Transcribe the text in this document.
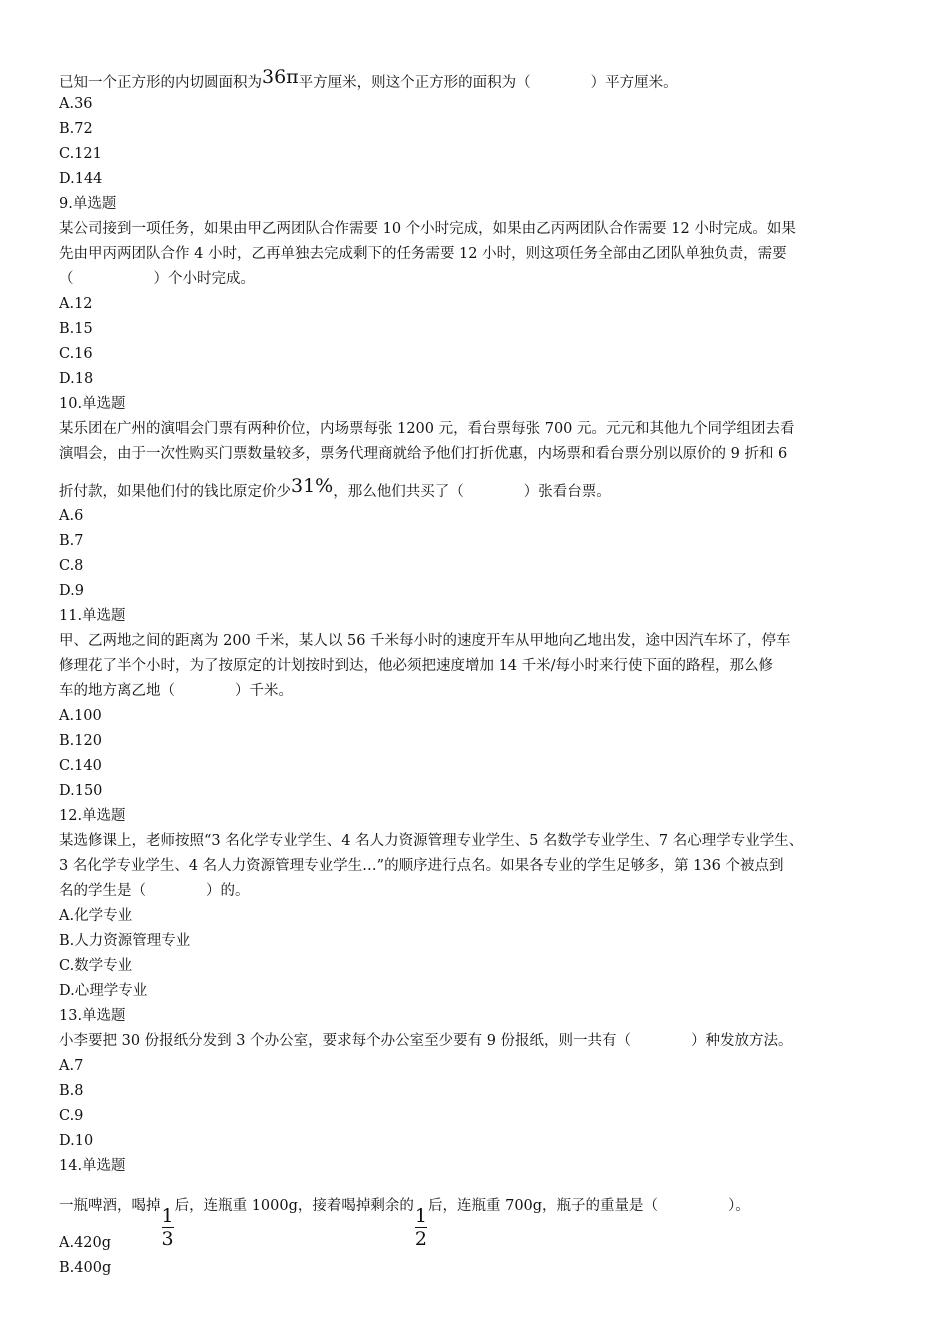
已知一个正方形的内切圆面积为36π平方厘米，则这个正方形的面积为（	）平方厘米。
A.36
B.72
C.121
D.144
9.单选题
某公司接到一项任务，如果由甲乙两团队合作需要 10 个小时完成，如果由乙丙两团队合作需要 12 小时完成。如果
先由甲丙两团队合作 4 小时，乙再单独去完成剩下的任务需要 12 小时，则这项任务全部由乙团队单独负责，需要
（	）个小时完成。
A.12
B.15
C.16
D.18
10.单选题
某乐团在广州的演唱会门票有两种价位，内场票每张 1200 元，看台票每张 700 元。元元和其他九个同学组团去看
演唱会，由于一次性购买门票数量较多，票务代理商就给予他们打折优惠，内场票和看台票分别以原价的 9 折和 6
折付款，如果他们付的钱比原定价少31%，那么他们共买了（	）张看台票。
A.6
B.7
C.8
D.9
11.单选题
甲、乙两地之间的距离为 200 千米，某人以 56 千米每小时的速度开车从甲地向乙地出发，途中因汽车坏了，停车
修理花了半个小时，为了按原定的计划按时到达，他必须把速度增加 14 千米/每小时来行使下面的路程，那么修
车的地方离乙地（	）千米。
A.100
B.120
C.140
D.150
12.单选题
某选修课上，老师按照“3 名化学专业学生、4 名人力资源管理专业学生、5 名数学专业学生、7 名心理学专业学生、
3 名化学专业学生、4 名人力资源管理专业学生…”的顺序进行点名。如果各专业的学生足够多，第 136 个被点到
名的学生是（	）的。
A.化学专业
B.人力资源管理专业
C.数学专业
D.心理学专业
13.单选题
小李要把 30 份报纸分发到 3 个办公室，要求每个办公室至少要有 9 份报纸，则一共有（	）种发放方法。
A.7
B.8
C.9
D.10
14.单选题
一瓶啤酒，喝掉 $\frac{1}{3}$ 后，连瓶重 1000g，接着喝掉剩余的 $\frac{1}{2}$ 后，连瓶重 700g，瓶子的重量是（	）。
A.420g
B.400g
